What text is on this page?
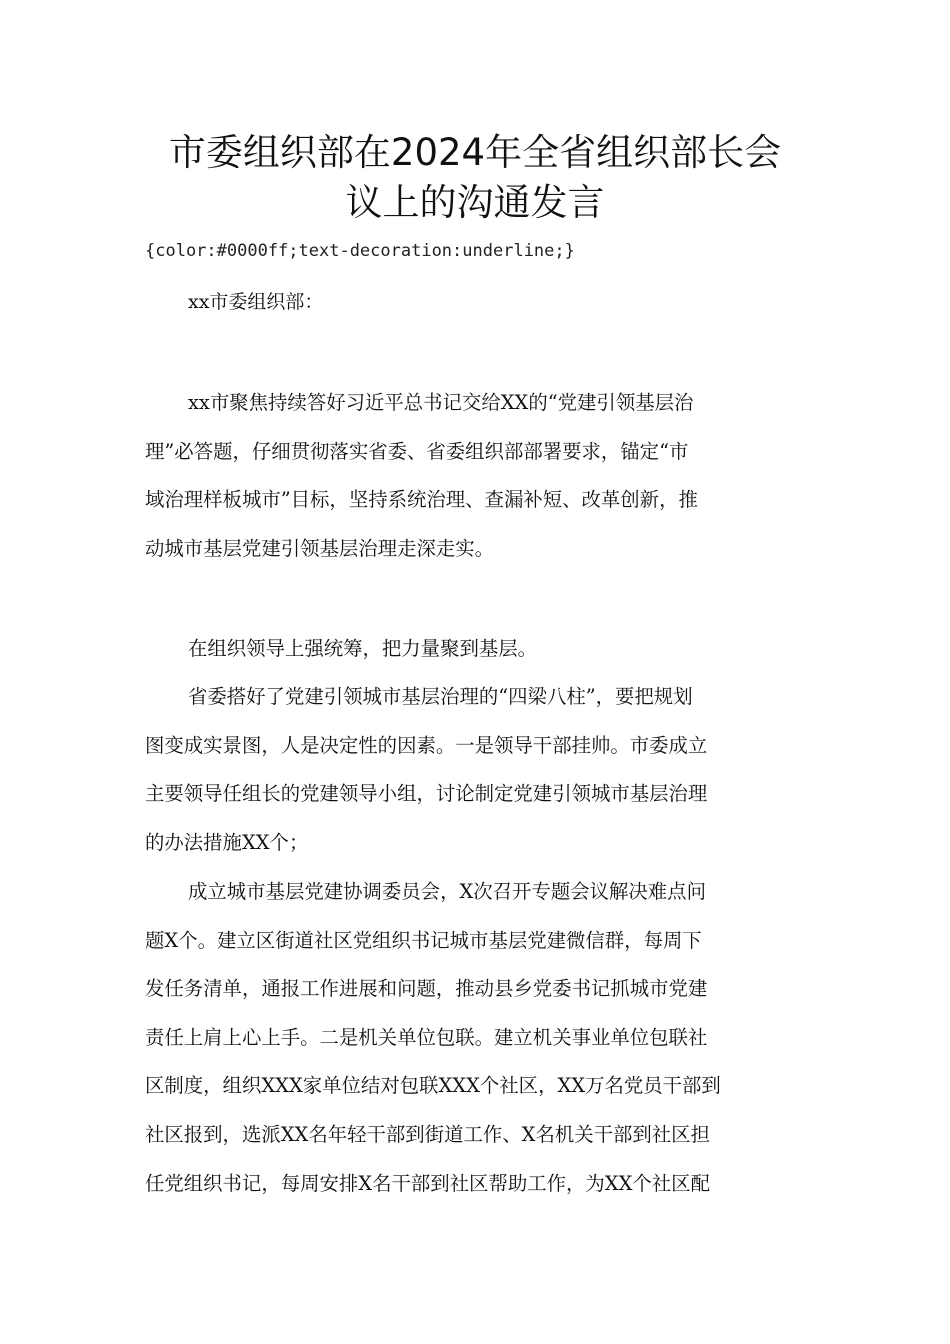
市委组织部在2024年全省组织部长会
议上的沟通发言

{color:#0000ff;text-decoration:underline;}

xx市委组织部：

xx市聚焦持续答好习近平总书记交给XX的“党建引领基层治
理”必答题，仔细贯彻落实省委、省委组织部部署要求，锚定“市
域治理样板城市”目标，坚持系统治理、查漏补短、改革创新，推
动城市基层党建引领基层治理走深走实。
在组织领导上强统筹，把力量聚到基层。
省委搭好了党建引领城市基层治理的“四梁八柱”，要把规划
图变成实景图，人是决定性的因素。一是领导干部挂帅。市委成立
主要领导任组长的党建领导小组，讨论制定党建引领城市基层治理
的办法措施XX个；
成立城市基层党建协调委员会，X次召开专题会议解决难点问
题X个。建立区街道社区党组织书记城市基层党建微信群，每周下
发任务清单，通报工作进展和问题，推动县乡党委书记抓城市党建
责任上肩上心上手。二是机关单位包联。建立机关事业单位包联社
区制度，组织XXX家单位结对包联XXX个社区，XX万名党员干部到
社区报到，选派XX名年轻干部到街道工作、X名机关干部到社区担
任党组织书记，每周安排X名干部到社区帮助工作，为XX个社区配
